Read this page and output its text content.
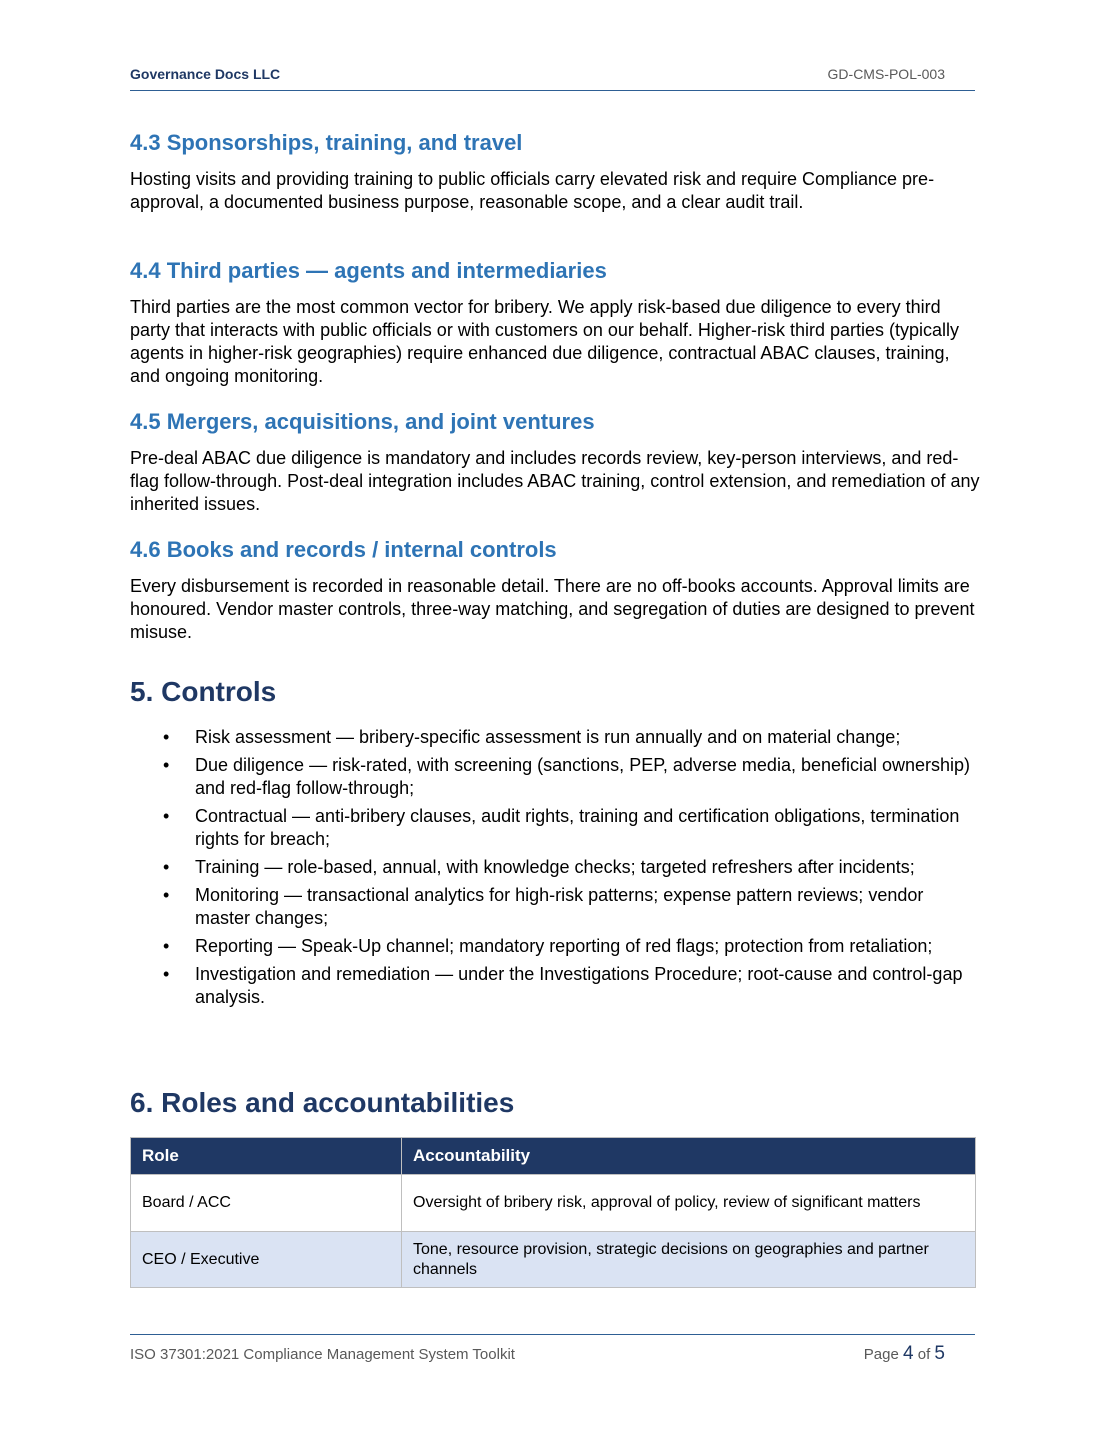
Governance Docs LLC	GD-CMS-POL-003
4.3 Sponsorships, training, and travel

Hosting visits and providing training to public officials carry elevated risk and require Compliance pre-approval, a documented business purpose, reasonable scope, and a clear audit trail.

4.4 Third parties — agents and intermediaries

Third parties are the most common vector for bribery. We apply risk-based due diligence to every third party that interacts with public officials or with customers on our behalf. Higher-risk third parties (typically agents in higher-risk geographies) require enhanced due diligence, contractual ABAC clauses, training, and ongoing monitoring.

4.5 Mergers, acquisitions, and joint ventures

Pre-deal ABAC due diligence is mandatory and includes records review, key-person interviews, and red-flag follow-through. Post-deal integration includes ABAC training, control extension, and remediation of any inherited issues.

4.6 Books and records / internal controls

Every disbursement is recorded in reasonable detail. There are no off-books accounts. Approval limits are honoured. Vendor master controls, three-way matching, and segregation of duties are designed to prevent misuse.

5. Controls
• Risk assessment — bribery-specific assessment is run annually and on material change;
• Due diligence — risk-rated, with screening (sanctions, PEP, adverse media, beneficial ownership) and red-flag follow-through;
• Contractual — anti-bribery clauses, audit rights, training and certification obligations, termination rights for breach;
• Training — role-based, annual, with knowledge checks; targeted refreshers after incidents;
• Monitoring — transactional analytics for high-risk patterns; expense pattern reviews; vendor master changes;
• Reporting — Speak-Up channel; mandatory reporting of red flags; protection from retaliation;
• Investigation and remediation — under the Investigations Procedure; root-cause and control-gap analysis.
6. Roles and accountabilities
Role	Accountability
Board / ACC	Oversight of bribery risk, approval of policy, review of significant matters
CEO / Executive	Tone, resource provision, strategic decisions on geographies and partner channels
ISO 37301:2021 Compliance Management System Toolkit	Page 4 of 5
